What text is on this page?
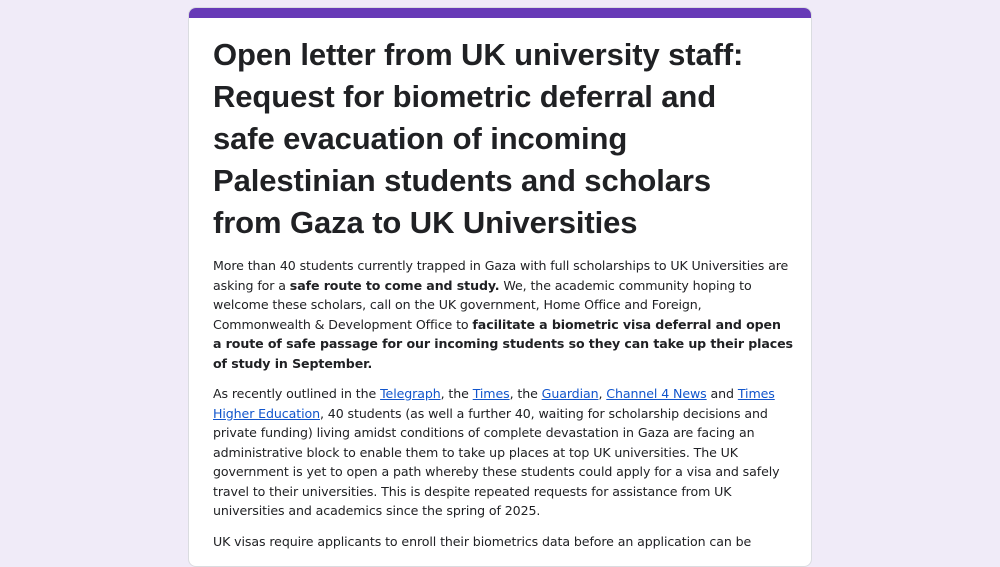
Open letter from UK university staff: Request for biometric deferral and safe evacuation of incoming Palestinian students and scholars from Gaza to UK Universities

More than 40 students currently trapped in Gaza with full scholarships to UK Universities are asking for a safe route to come and study. We, the academic community hoping to welcome these scholars, call on the UK government, Home Office and Foreign, Commonwealth & Development Office to facilitate a biometric visa deferral and open a route of safe passage for our incoming students so they can take up their places of study in September.

As recently outlined in the Telegraph, the Times, the Guardian, Channel 4 News and Times Higher Education, 40 students (as well a further 40, waiting for scholarship decisions and private funding) living amidst conditions of complete devastation in Gaza are facing an administrative block to enable them to take up places at top UK universities. The UK government is yet to open a path whereby these students could apply for a visa and safely travel to their universities. This is despite repeated requests for assistance from UK universities and academics since the spring of 2025.

UK visas require applicants to enroll their biometrics data before an application can be
